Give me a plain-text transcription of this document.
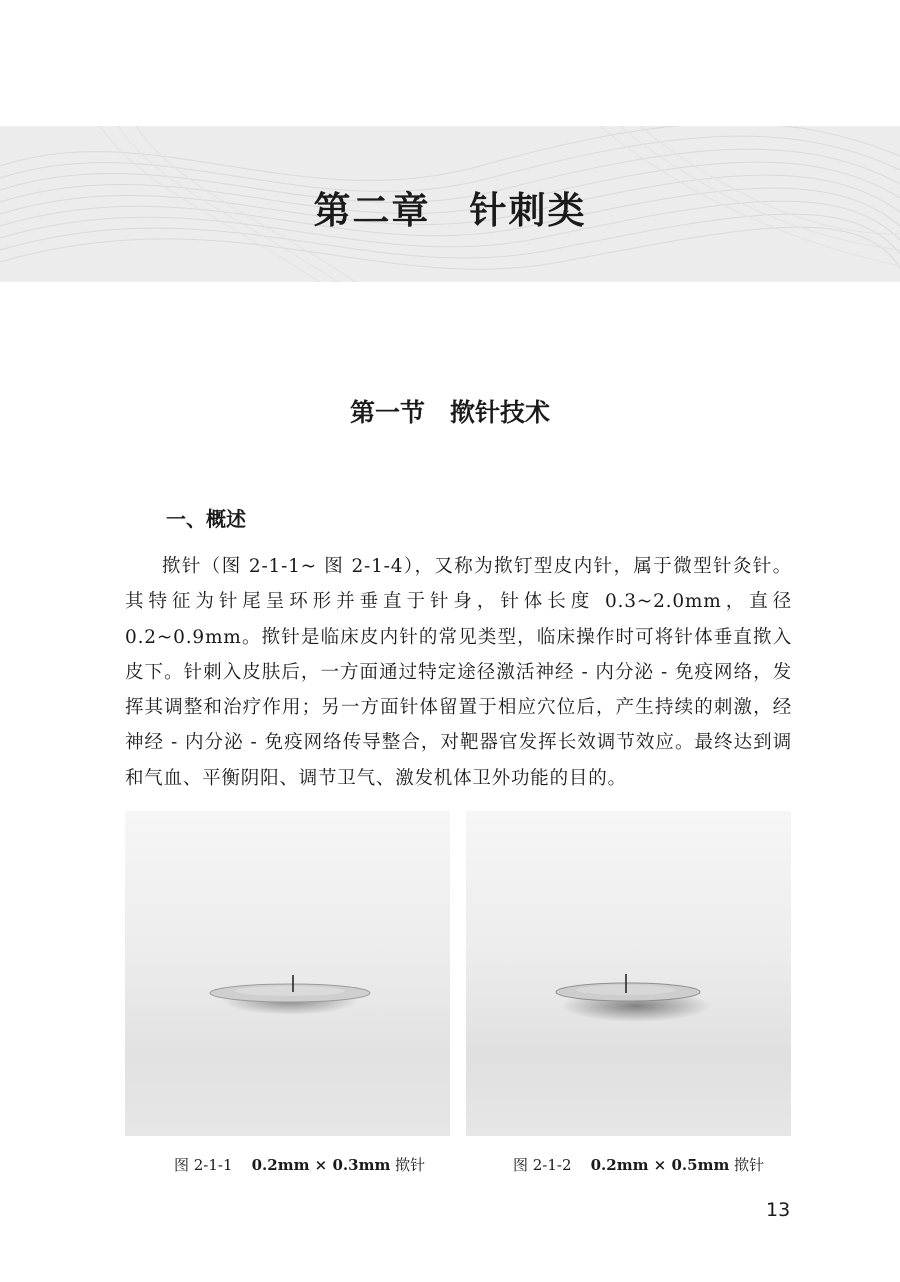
第二章　针刺类
第一节　揿针技术
一、概述

揿针（图 2-1-1~ 图 2-1-4），又称为揿钉型皮内针，属于微型针灸针。其特征为针尾呈环形并垂直于针身，针体长度 0.3~2.0mm，直径 0.2~0.9mm。揿针是临床皮内针的常见类型，临床操作时可将针体垂直揿入皮下。针刺入皮肤后，一方面通过特定途径激活神经 - 内分泌 - 免疫网络，发挥其调整和治疗作用；另一方面针体留置于相应穴位后，产生持续的刺激，经神经 - 内分泌 - 免疫网络传导整合，对靶器官发挥长效调节效应。最终达到调和气血、平衡阴阳、调节卫气、激发机体卫外功能的目的。

图 2-1-1 0.2mm × 0.3mm 揿针	图 2-1-2 0.2mm × 0.5mm 揿针
13
